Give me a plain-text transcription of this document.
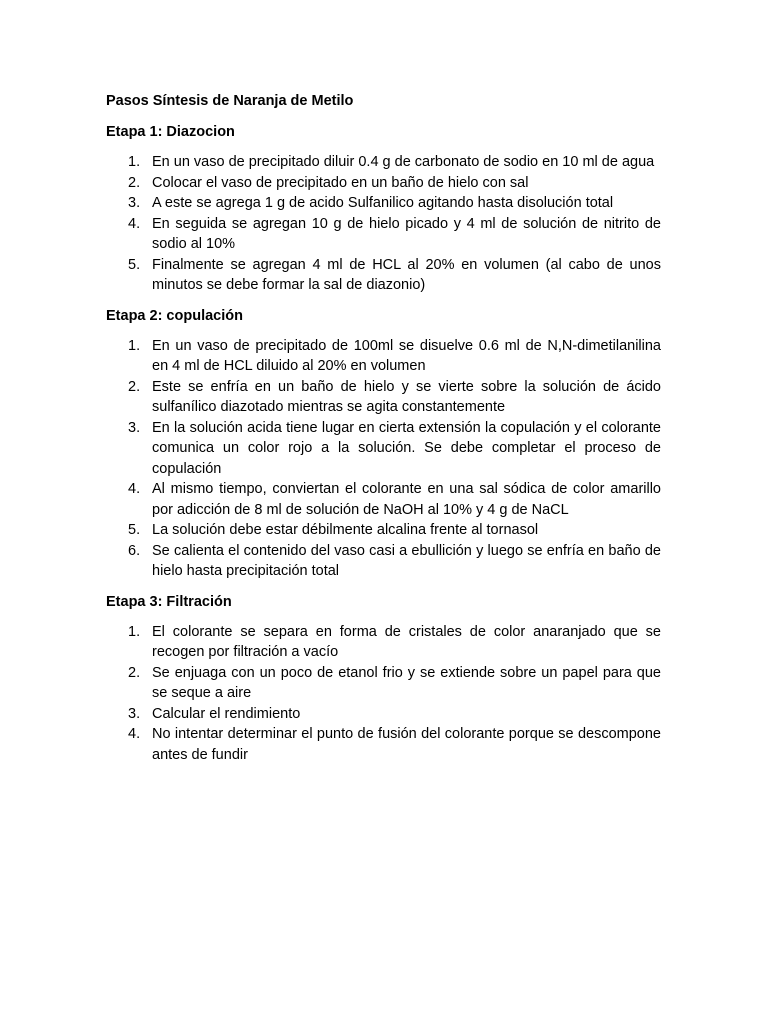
Pasos Síntesis de Naranja de Metilo

Etapa 1: Diazocion

1. En un vaso de precipitado diluir 0.4 g de carbonato de sodio en 10 ml de agua
2. Colocar el vaso de precipitado en un baño de hielo con sal
3. A este se agrega 1 g de acido Sulfanilico agitando hasta disolución total
4. En seguida se agregan 10 g de hielo picado y 4 ml de solución de nitrito de sodio al 10%
5. Finalmente se agregan 4 ml de HCL al 20% en volumen (al cabo de unos minutos se debe formar la sal de diazonio)

Etapa 2: copulación

1. En un vaso de precipitado de 100ml se disuelve 0.6 ml de N,N-dimetilanilina en 4 ml de HCL diluido al 20% en volumen
2. Este se enfría en un baño de hielo y se vierte sobre la solución de ácido sulfanílico diazotado mientras se agita constantemente
3. En la solución acida tiene lugar en cierta extensión la copulación y el colorante comunica un color rojo a la solución. Se debe completar el proceso de copulación
4. Al mismo tiempo, conviertan el colorante en una sal sódica de color amarillo por adicción de 8 ml de solución de NaOH al 10% y 4 g de NaCL
5. La solución debe estar débilmente alcalina frente al tornasol
6. Se calienta el contenido del vaso casi a ebullición y luego se enfría en baño de hielo hasta precipitación total

Etapa 3: Filtración

1. El colorante se separa en forma de cristales de color anaranjado que se recogen por filtración a vacío
2. Se enjuaga con un poco de etanol frio y se extiende sobre un papel para que se seque a aire
3. Calcular el rendimiento
4. No intentar determinar el punto de fusión del colorante porque se descompone antes de fundir
